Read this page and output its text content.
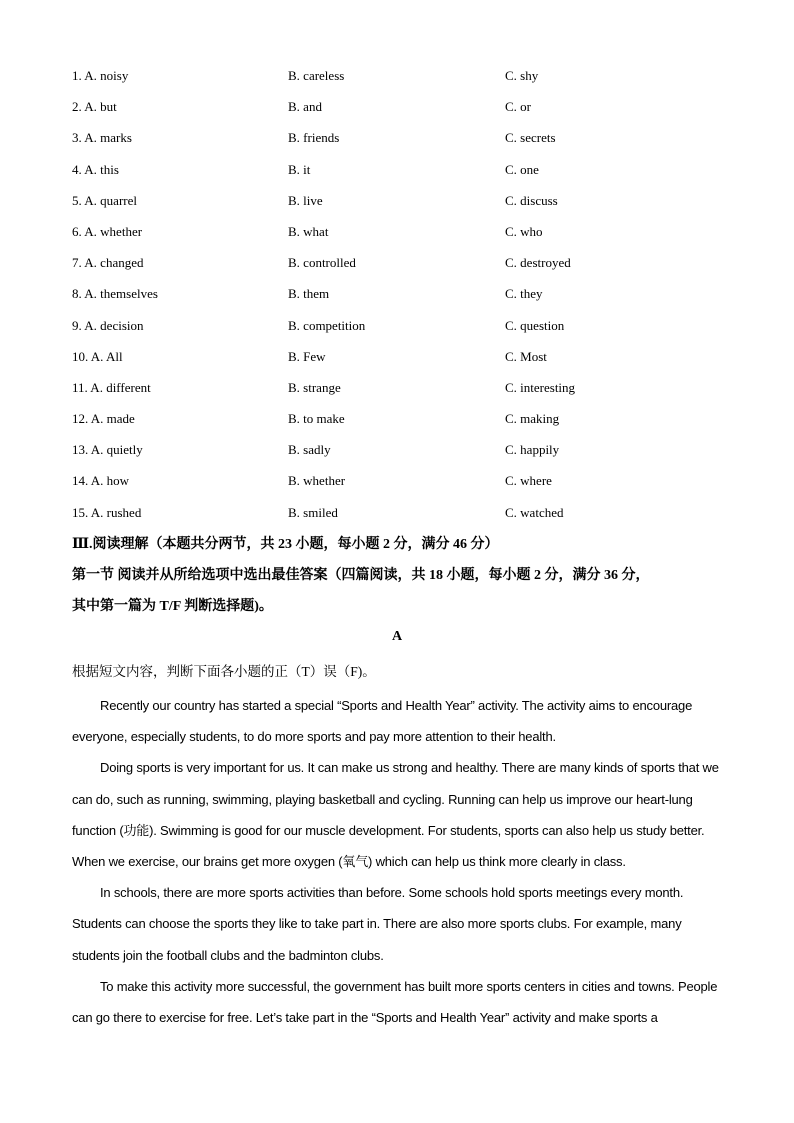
1. A. noisy	B. careless	C. shy
2. A. but	B. and	C. or
3. A. marks	B. friends	C. secrets
4. A. this	B. it	C. one
5. A. quarrel	B. live	C. discuss
6. A. whether	B. what	C. who
7. A. changed	B. controlled	C. destroyed
8. A. themselves	B. them	C. they
9. A. decision	B. competition	C. question
10. A. All	B. Few	C. Most
11. A. different	B. strange	C. interesting
12. A. made	B. to make	C. making
13. A. quietly	B. sadly	C. happily
14. A. how	B. whether	C. where
15. A. rushed	B. smiled	C. watched
Ⅲ.阅读理解（本题共分两节，共 23 小题，每小题 2 分，满分 46 分）
第一节 阅读并从所给选项中选出最佳答案（四篇阅读，共 18 小题，每小题 2 分，满分 36 分，
其中第一篇为 T/F 判断选择题)。
A
根据短文内容，判断下面各小题的正（T）误（F)。

Recently our country has started a special “Sports and Health Year” activity. The activity aims to encourage everyone, especially students, to do more sports and pay more attention to their health.

Doing sports is very important for us. It can make us strong and healthy. There are many kinds of sports that we can do, such as running, swimming, playing basketball and cycling. Running can help us improve our heart-lung function (功能). Swimming is good for our muscle development. For students, sports can also help us study better. When we exercise, our brains get more oxygen (氧气) which can help us think more clearly in class.

In schools, there are more sports activities than before. Some schools hold sports meetings every month. Students can choose the sports they like to take part in. There are also more sports clubs. For example, many students join the football clubs and the badminton clubs.

To make this activity more successful, the government has built more sports centers in cities and towns. People can go there to exercise for free. Let’s take part in the “Sports and Health Year” activity and make sports a
